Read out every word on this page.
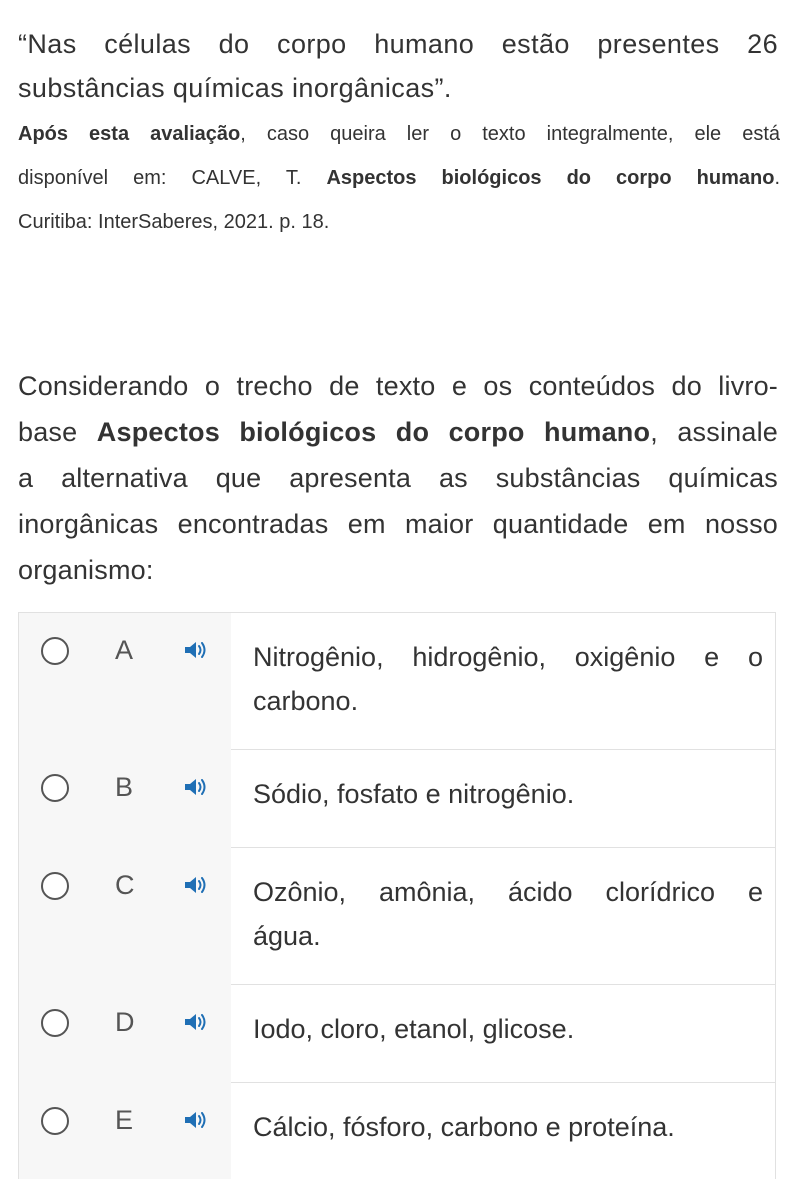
“Nas células do corpo humano estão presentes 26
substâncias químicas inorgânicas”.
Após esta avaliação, caso queira ler o texto integralmente, ele está
disponível em: CALVE, T. Aspectos biológicos do corpo humano.
Curitiba: InterSaberes, 2021. p. 18.
Considerando o trecho de texto e os conteúdos do livro-
base Aspectos biológicos do corpo humano, assinale
a alternativa que apresenta as substâncias químicas
inorgânicas encontradas em maior quantidade em nosso
organismo:
A	Nitrogênio, hidrogênio, oxigênio e o
carbono.
B	Sódio, fosfato e nitrogênio.
C	Ozônio, amônia, ácido clorídrico e
água.
D	Iodo, cloro, etanol, glicose.
E	Cálcio, fósforo, carbono e proteína.
